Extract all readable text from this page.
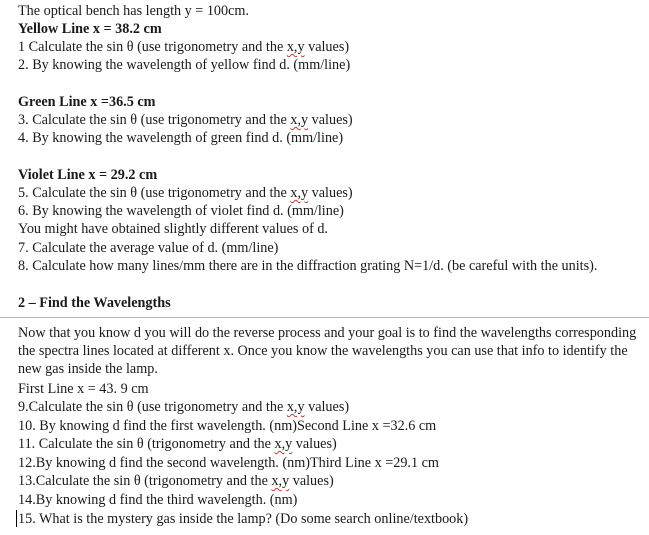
The optical bench has length y = 100cm.
Yellow Line x = 38.2 cm
1 Calculate the sin θ (use trigonometry and the x,y values)
2. By knowing the wavelength of yellow find d. (mm/line)
Green Line x =36.5 cm
3. Calculate the sin θ (use trigonometry and the x,y values)
4. By knowing the wavelength of green find d. (mm/line)
Violet Line x = 29.2 cm
5. Calculate the sin θ (use trigonometry and the x,y values)
6. By knowing the wavelength of violet find d. (mm/line)
You might have obtained slightly different values of d.
7. Calculate the average value of d. (mm/line)
8. Calculate how many lines/mm there are in the diffraction grating N=1/d. (be careful with the units).
2 – Find the Wavelengths
Now that you know d you will do the reverse process and your goal is to find the wavelengths corresponding the spectra lines located at different x. Once you know the wavelengths you can use that info to identify the new gas inside the lamp.
First Line x = 43. 9 cm
9.Calculate the sin θ (use trigonometry and the x,y values)
10. By knowing d find the first wavelength. (nm)Second Line x =32.6 cm
11. Calculate the sin θ (trigonometry and the x,y values)
12.By knowing d find the second wavelength. (nm)Third Line x =29.1 cm
13.Calculate the sin θ (trigonometry and the x,y values)
14.By knowing d find the third wavelength. (nm)
15. What is the mystery gas inside the lamp? (Do some search online/textbook)
